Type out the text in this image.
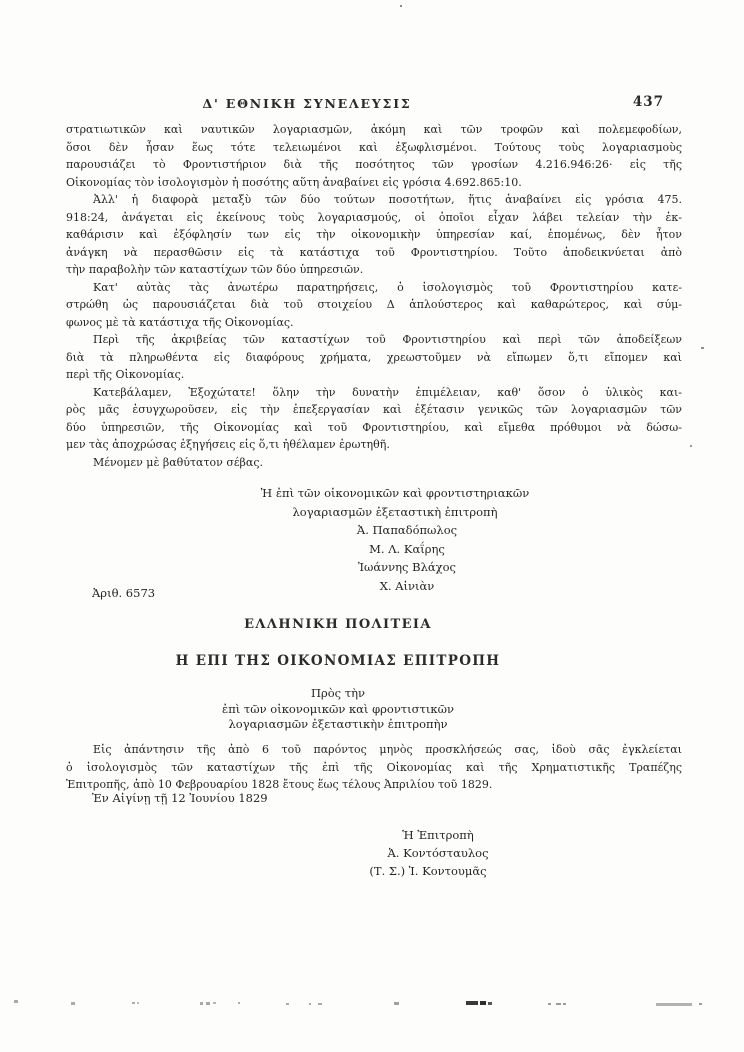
Δ' ΕΘΝΙΚΗ ΣΥΝΕΛΕΥΣΙΣ	437
στρατιωτικῶν καὶ ναυτικῶν λογαριασμῶν, ἀκόμη καὶ τῶν τροφῶν καὶ πολεμεφοδίων,
ὅσοι δὲν ἦσαν ἕως τότε τελειωμένοι καὶ ἐξωφλισμένοι. Τούτους τοὺς λογαριασμοὺς
παρουσιάζει τὸ Φροντιστήριον διὰ τῆς ποσότητος τῶν γροσίων 4.216.946:26· εἰς τῆς
Οἰκονομίας τὸν ἰσολογισμὸν ἡ ποσότης αὕτη ἀναβαίνει εἰς γρόσια 4.692.865:10.
Ἀλλ' ἡ διαφορὰ μεταξὺ τῶν δύο τούτων ποσοτήτων, ἥτις ἀναβαίνει εἰς γρόσια 475.
918:24, ἀνάγεται εἰς ἐκείνους τοὺς λογαριασμούς, οἱ ὁποῖοι εἶχαν λάβει τελείαν τὴν ἐκ-
καθάρισιν καὶ ἐξόφλησίν των εἰς τὴν οἰκονομικὴν ὑπηρεσίαν καί, ἑπομένως, δὲν ἦτον
ἀνάγκη νὰ περασθῶσιν εἰς τὰ κατάστιχα τοῦ Φροντιστηρίου. Τοῦτο ἀποδεικνύεται ἀπὸ
τὴν παραβολὴν τῶν καταστίχων τῶν δύο ὑπηρεσιῶν.
Κατ' αὐτὰς τὰς ἀνωτέρω παρατηρήσεις, ὁ ἰσολογισμὸς τοῦ Φροντιστηρίου κατε-
στρώθη ὡς παρουσιάζεται διὰ τοῦ στοιχείου Δ ἁπλούστερος καὶ καθαρώτερος, καὶ σύμ-
φωνος μὲ τὰ κατάστιχα τῆς Οἰκονομίας.
Περὶ τῆς ἀκριβείας τῶν καταστίχων τοῦ Φροντιστηρίου καὶ περὶ τῶν ἀποδείξεων
διὰ τὰ πληρωθέντα εἰς διαφόρους χρήματα, χρεωστοῦμεν νὰ εἴπωμεν ὅ,τι εἴπομεν καὶ
περὶ τῆς Οἰκονομίας.
Κατεβάλαμεν, Ἐξοχώτατε! ὅλην τὴν δυνατὴν ἐπιμέλειαν, καθ' ὅσον ὁ ὑλικὸς και-
ρὸς μᾶς ἐσυγχωροῦσεν, εἰς τὴν ἐπεξεργασίαν καὶ ἐξέτασιν γενικῶς τῶν λογαριασμῶν τῶν
δύο ὑπηρεσιῶν, τῆς Οἰκονομίας καὶ τοῦ Φροντιστηρίου, καὶ εἴμεθα πρόθυμοι νὰ δώσω-
μεν τὰς ἀποχρώσας ἐξηγήσεις εἰς ὅ,τι ἠθέλαμεν ἐρωτηθῆ.
Μένομεν μὲ βαθύτατον σέβας.
Ἡ ἐπὶ τῶν οἰκονομικῶν καὶ φροντιστηριακῶν
λογαριασμῶν ἐξεταστικὴ ἐπιτροπὴ
Ἀ. Παπαδόπωλος
Μ. Λ. Καΐρης
Ἰωάννης Βλάχος
Χ. Αἰνιὰν
Ἀριθ. 6573
ΕΛΛΗΝΙΚΗ ΠΟΛΙΤΕΙΑ
Η ΕΠΙ ΤΗΣ ΟΙΚΟΝΟΜΙΑΣ ΕΠΙΤΡΟΠΗ
Πρὸς τὴν
ἐπὶ τῶν οἰκονομικῶν καὶ φροντιστικῶν
λογαριασμῶν ἐξεταστικὴν ἐπιτροπὴν
Εἰς ἀπάντησιν τῆς ἀπὸ 6 τοῦ παρόντος μηνὸς προσκλήσεώς σας, ἰδοὺ σᾶς ἐγκλείεται
ὁ ἰσολογισμὸς τῶν καταστίχων τῆς ἐπὶ τῆς Οἰκονομίας καὶ τῆς Χρηματιστικῆς Τραπέζης
Ἐπιτροπῆς, ἀπὸ 10 Φεβρουαρίου 1828 ἔτους ἕως τέλους Ἀπριλίου τοῦ 1829.
Ἐν Αἰγίνῃ τῇ 12 Ἰουνίου 1829
Ἡ Ἐπιτροπὴ
Ἀ. Κοντόσταυλος
(Τ. Σ.) Ἰ. Κοντουμᾶς
